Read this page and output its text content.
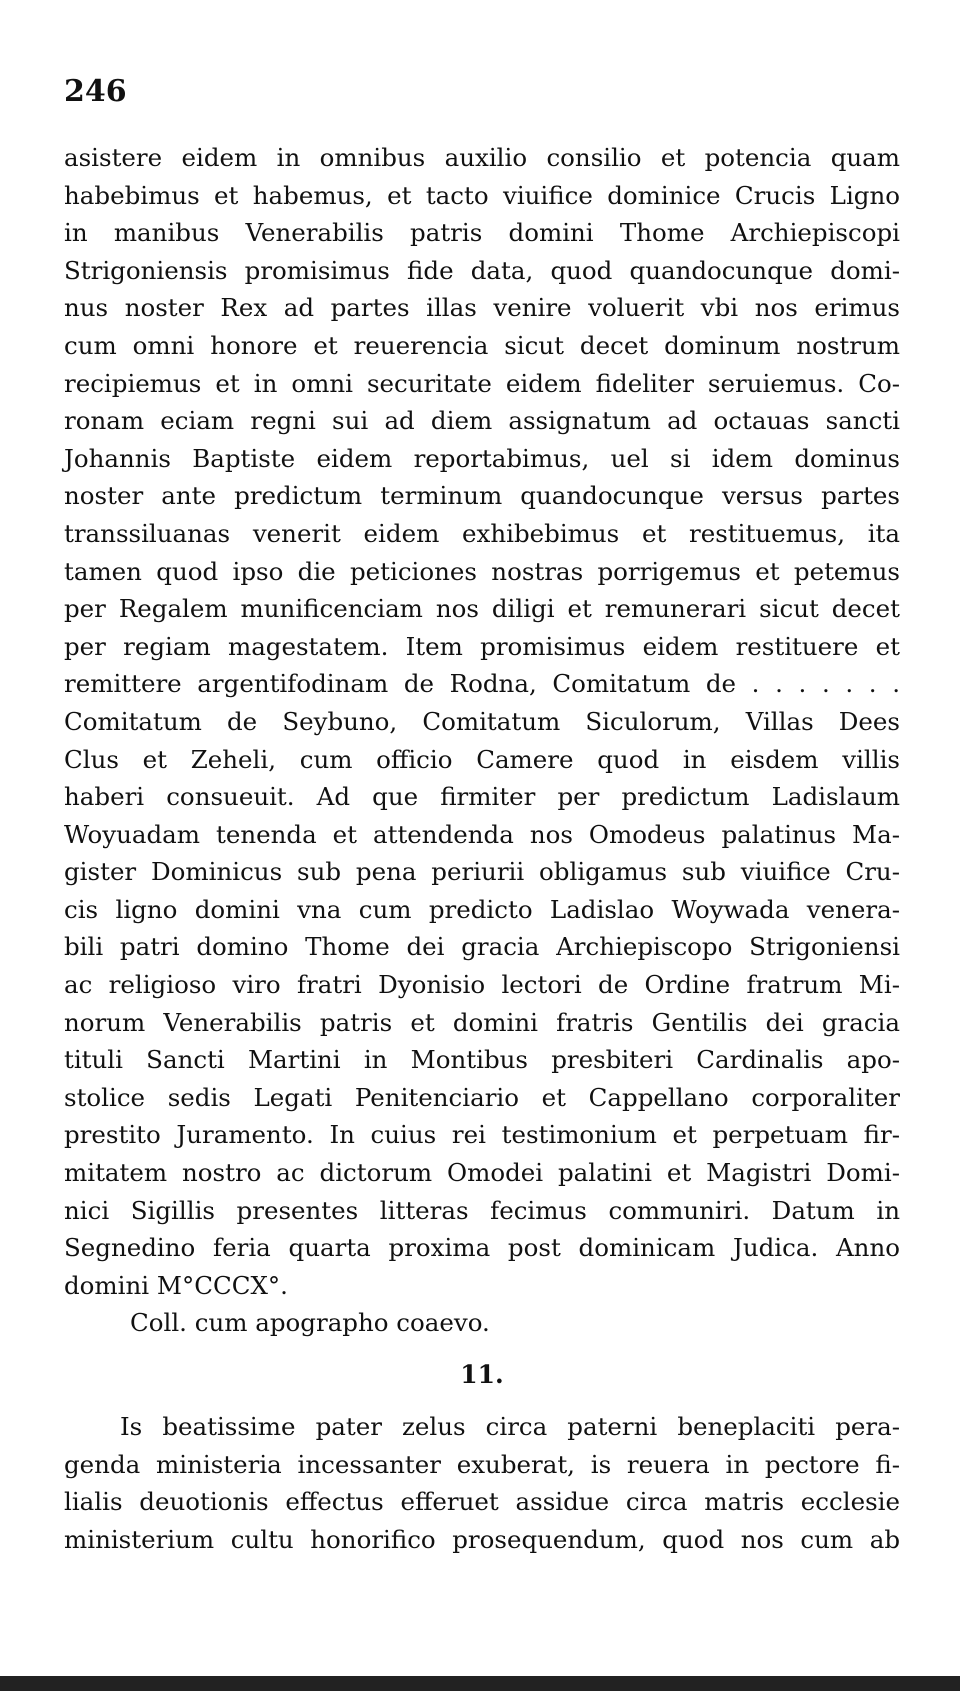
246

asistere eidem in omnibus auxilio consilio et potencia quam
habebimus et habemus, et tacto viuifice dominice Crucis Ligno
in manibus Venerabilis patris domini Thome Archiepiscopi
Strigoniensis promisimus fide data, quod quandocunque domi-
nus noster Rex ad partes illas venire voluerit vbi nos erimus
cum omni honore et reuerencia sicut decet dominum nostrum
recipiemus et in omni securitate eidem fideliter seruiemus. Co-
ronam eciam regni sui ad diem assignatum ad octauas sancti
Johannis Baptiste eidem reportabimus, uel si idem dominus
noster ante predictum terminum quandocunque versus partes
transsiluanas venerit eidem exhibebimus et restituemus, ita
tamen quod ipso die peticiones nostras porrigemus et petemus
per Regalem munificenciam nos diligi et remunerari sicut decet
per regiam magestatem. Item promisimus eidem restituere et
remittere argentifodinam de Rodna, Comitatum de . . . . . . .
Comitatum de Seybuno, Comitatum Siculorum, Villas Dees
Clus et Zeheli, cum officio Camere quod in eisdem villis
haberi consueuit. Ad que firmiter per predictum Ladislaum
Woyuadam tenenda et attendenda nos Omodeus palatinus Ma-
gister Dominicus sub pena periurii obligamus sub viuifice Cru-
cis ligno domini vna cum predicto Ladislao Woywada venera-
bili patri domino Thome dei gracia Archiepiscopo Strigoniensi
ac religioso viro fratri Dyonisio lectori de Ordine fratrum Mi-
norum Venerabilis patris et domini fratris Gentilis dei gracia
tituli Sancti Martini in Montibus presbiteri Cardinalis apo-
stolice sedis Legati Penitenciario et Cappellano corporaliter
prestito Juramento. In cuius rei testimonium et perpetuam fir-
mitatem nostro ac dictorum Omodei palatini et Magistri Domi-
nici Sigillis presentes litteras fecimus communiri. Datum in
Segnedino feria quarta proxima post dominicam Judica. Anno
domini M°CCCX°.

Coll. cum apographo coaevo.

11.

Is beatissime pater zelus circa paterni beneplaciti pera-
genda ministeria incessanter exuberat, is reuera in pectore fi-
lialis deuotionis effectus efferuet assidue circa matris ecclesie
ministerium cultu honorifico prosequendum, quod nos cum ab
